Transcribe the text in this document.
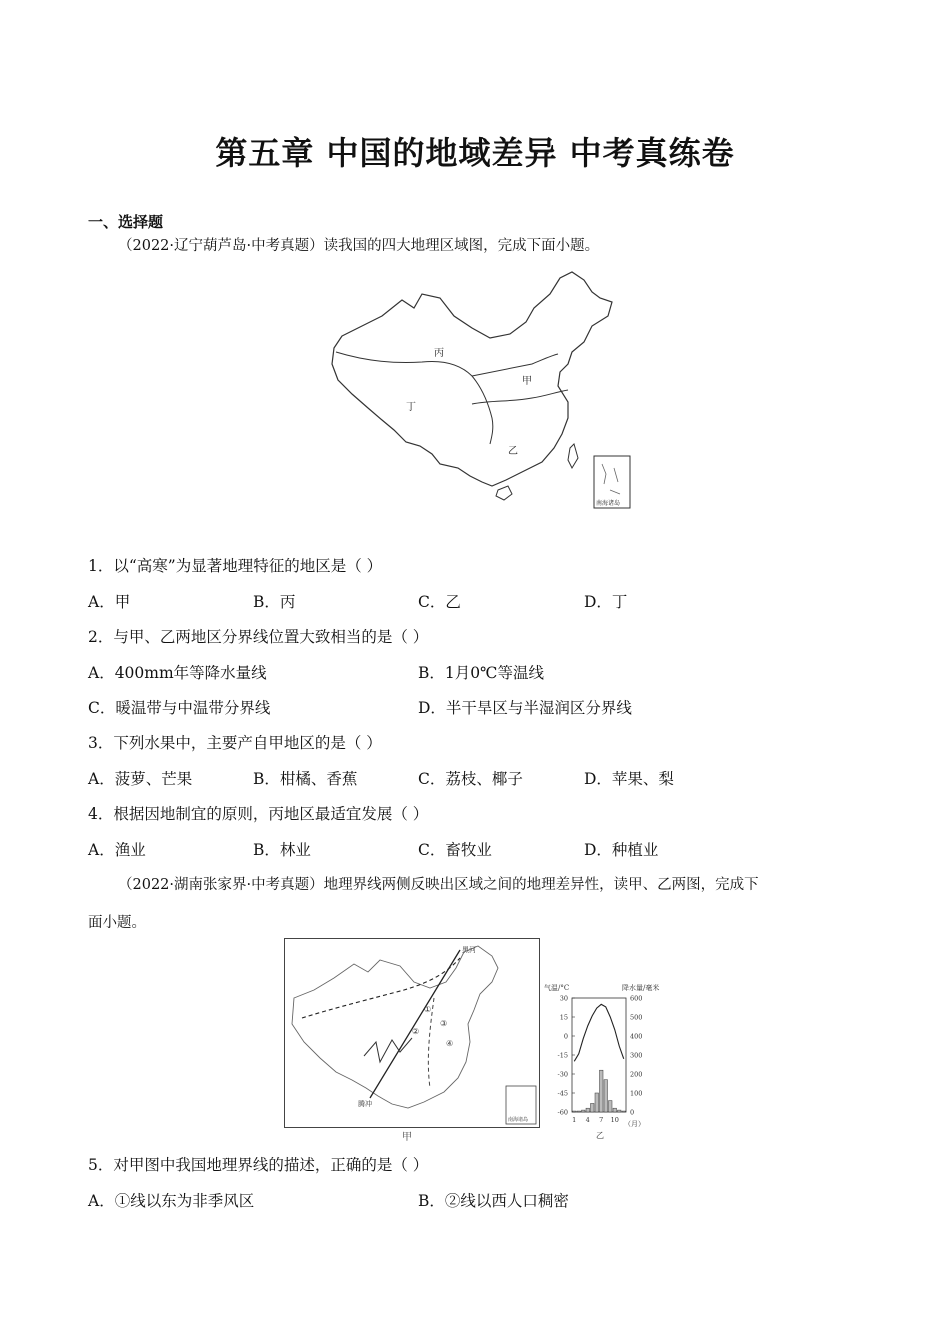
第五章 中国的地域差异 中考真练卷
一、选择题
（2022·辽宁葫芦岛·中考真题）读我国的四大地理区域图，完成下面小题。
丙
甲
丁
乙
南海诸岛
1．以“高寒”为显著地理特征的地区是（ ）
A．甲	B．丙	C．乙	D．丁
2．与甲、乙两地区分界线位置大致相当的是（ ）
A．400mm年等降水量线	B．1月0℃等温线
C．暖温带与中温带分界线	D．半干旱区与半湿润区分界线
3．下列水果中，主要产自甲地区的是（ ）
A．菠萝、芒果	B．柑橘、香蕉	C．荔枝、椰子	D．苹果、梨
4．根据因地制宜的原则，丙地区最适宜发展（ ）
A．渔业	B．林业	C．畜牧业	D．种植业
（2022·湖南张家界·中考真题）地理界线两侧反映出区域之间的地理差异性，读甲、乙两图，完成下
面小题。
黑河
腾冲
①
②
③
④
南海诸岛
甲
气温/°C	降水量/毫米
30
15
0
-15
-30
-45
-60
600
500
400
300
200
100
0
1 4 7 10 （月）
乙
5．对甲图中我国地理界线的描述，正确的是（ ）
A．①线以东为非季风区	B．②线以西人口稠密
